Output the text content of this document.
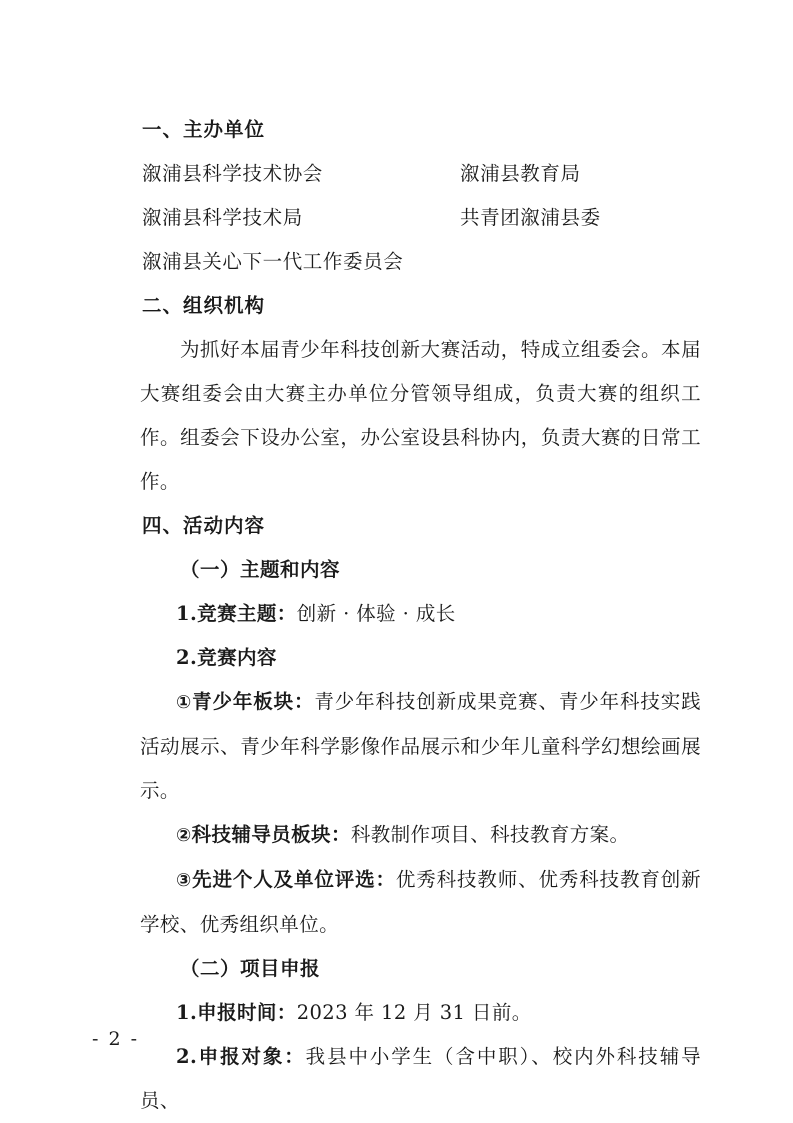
一、主办单位

溆浦县科学技术协会	溆浦县教育局
溆浦县科学技术局	共青团溆浦县委
溆浦县关心下一代工作委员会

二、组织机构

为抓好本届青少年科技创新大赛活动，特成立组委会。本届大赛组委会由大赛主办单位分管领导组成，负责大赛的组织工作。组委会下设办公室，办公室设县科协内，负责大赛的日常工作。

四、活动内容

（一）主题和内容

1.竞赛主题：创新 · 体验 · 成长

2.竞赛内容

①青少年板块：青少年科技创新成果竞赛、青少年科技实践活动展示、青少年科学影像作品展示和少年儿童科学幻想绘画展示。

②科技辅导员板块：科教制作项目、科技教育方案。

③先进个人及单位评选：优秀科技教师、优秀科技教育创新学校、优秀组织单位。

（二）项目申报

1.申报时间：2023 年 12 月 31 日前。

2.申报对象：我县中小学生（含中职）、校内外科技辅导员、

- 2 -
